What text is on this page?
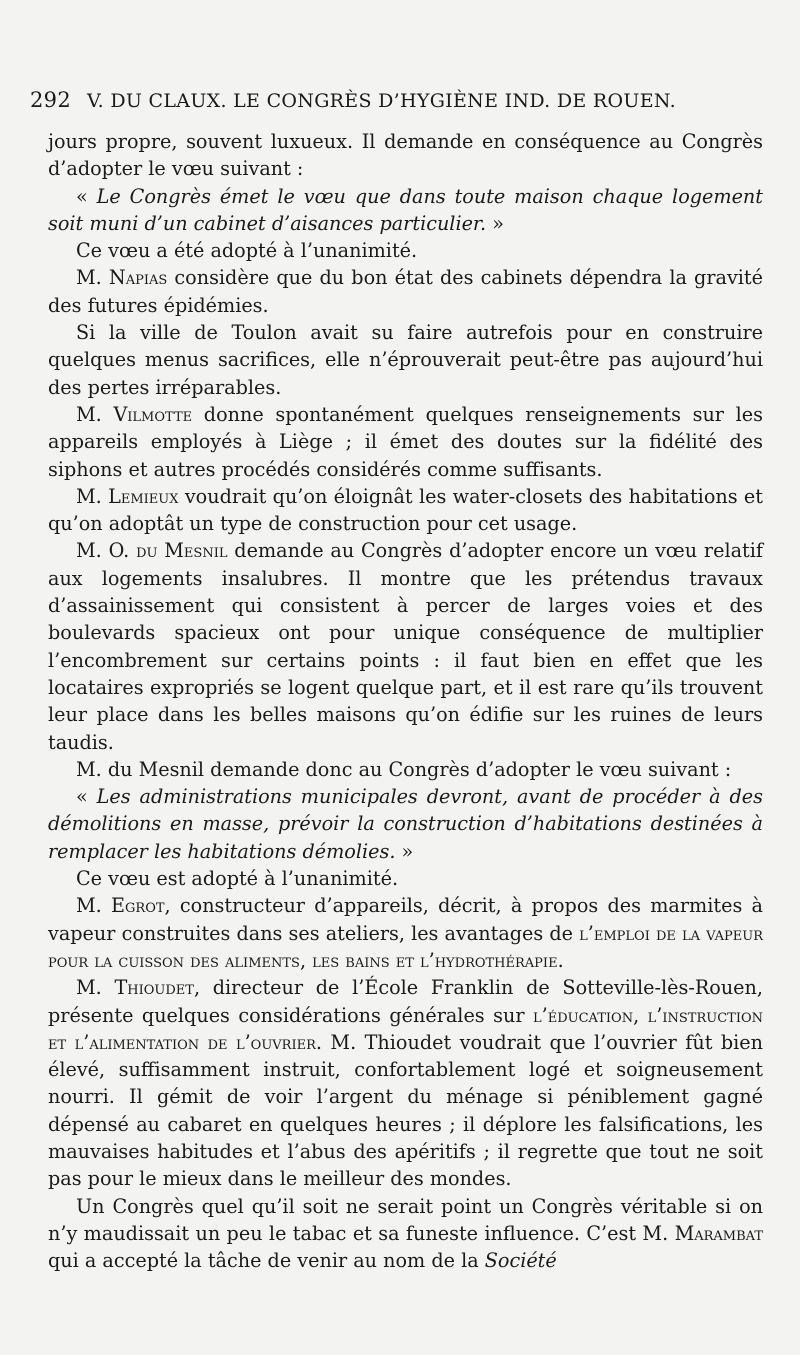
292 V. DU CLAUX. LE CONGRÈS D’HYGIÈNE IND. DE ROUEN.

jours propre, souvent luxueux. Il demande en conséquence au Congrès d’adopter le vœu suivant :

« Le Congrès émet le vœu que dans toute maison chaque logement soit muni d’un cabinet d’aisances particulier. »

Ce vœu a été adopté à l’unanimité.

M. Napias considère que du bon état des cabinets dépendra la gravité des futures épidémies.

Si la ville de Toulon avait su faire autrefois pour en construire quelques menus sacrifices, elle n’éprouverait peut-être pas aujourd’hui des pertes irréparables.

M. Vilmotte donne spontanément quelques renseignements sur les appareils employés à Liège ; il émet des doutes sur la fidélité des siphons et autres procédés considérés comme suffisants.

M. Lemieux voudrait qu’on éloignât les water-closets des habitations et qu’on adoptât un type de construction pour cet usage.

M. O. du Mesnil demande au Congrès d’adopter encore un vœu relatif aux logements insalubres. Il montre que les prétendus travaux d’assainissement qui consistent à percer de larges voies et des boulevards spacieux ont pour unique conséquence de multiplier l’encombrement sur certains points : il faut bien en effet que les locataires expropriés se logent quelque part, et il est rare qu’ils trouvent leur place dans les belles maisons qu’on édifie sur les ruines de leurs taudis.

M. du Mesnil demande donc au Congrès d’adopter le vœu suivant :

« Les administrations municipales devront, avant de procéder à des démolitions en masse, prévoir la construction d’habitations destinées à remplacer les habitations démolies. »

Ce vœu est adopté à l’unanimité.

M. Egrot, constructeur d’appareils, décrit, à propos des marmites à vapeur construites dans ses ateliers, les avantages de l’emploi de la vapeur pour la cuisson des aliments, les bains et l’hydrothérapie.

M. Thioudet, directeur de l’École Franklin de Sotteville-lès-Rouen, présente quelques considérations générales sur l’éducation, l’instruction et l’alimentation de l’ouvrier. M. Thioudet voudrait que l’ouvrier fût bien élevé, suffisamment instruit, confortablement logé et soigneusement nourri. Il gémit de voir l’argent du ménage si péniblement gagné dépensé au cabaret en quelques heures ; il déplore les falsifications, les mauvaises habitudes et l’abus des apéritifs ; il regrette que tout ne soit pas pour le mieux dans le meilleur des mondes.

Un Congrès quel qu’il soit ne serait point un Congrès véritable si on n’y maudissait un peu le tabac et sa funeste influence. C’est M. Marambat qui a accepté la tâche de venir au nom de la Société
